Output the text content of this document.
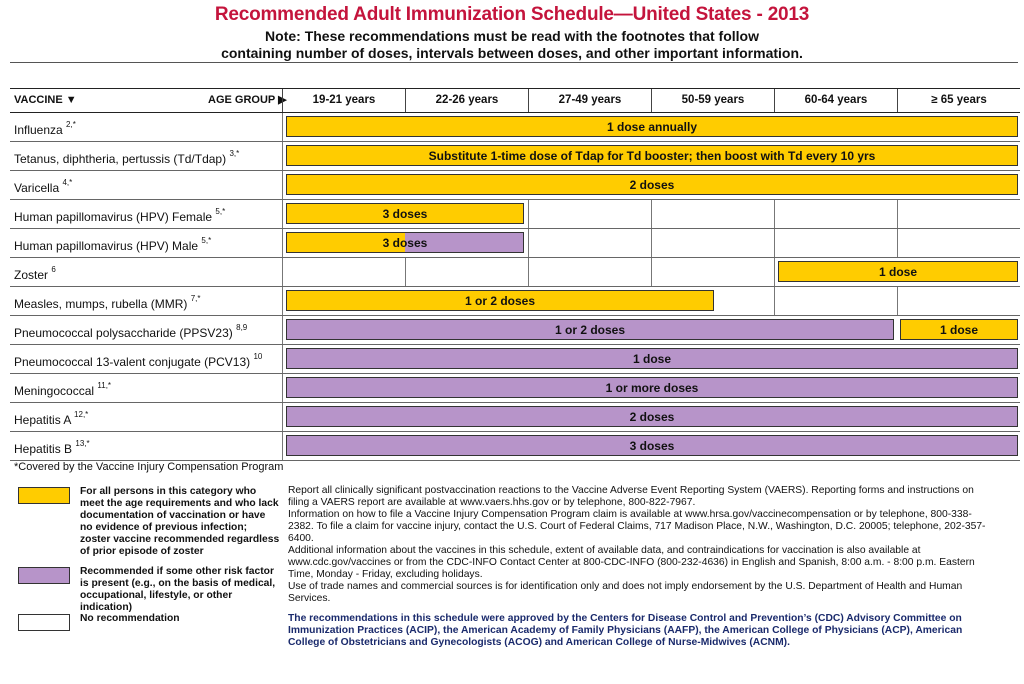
Recommended Adult Immunization Schedule—United States - 2013
Note: These recommendations must be read with the footnotes that follow
containing number of doses, intervals between doses, and other important information.
VACCINE ▼	AGE GROUP ▶	19-21 years	22-26 years	27-49 years	50-59 years	60-64 years	≥ 65 years
Influenza $^{2,*}$	1 dose annually
Tetanus, diphtheria, pertussis (Td/Tdap) $^{3,*}$	Substitute 1-time dose of Tdap for Td booster; then boost with Td every 10 yrs
Varicella $^{4,*}$	2 doses
Human papillomavirus (HPV) Female $^{5,*}$	3 doses
Human papillomavirus (HPV) Male $^{5,*}$	3 doses
Zoster $^6$	1 dose
Measles, mumps, rubella (MMR) $^{7,*}$	1 or 2 doses
Pneumococcal polysaccharide (PPSV23) $^{8,9}$	1 or 2 doses	1 dose
Pneumococcal 13-valent conjugate (PCV13) $^{10}$	1 dose
Meningococcal $^{11,*}$	1 or more doses
Hepatitis A $^{12,*}$	2 doses
Hepatitis B $^{13,*}$	3 doses
*Covered by the Vaccine Injury Compensation Program
For all persons in this category who meet the age requirements and who lack documentation of vaccination or have no evidence of previous infection; zoster vaccine recommended regardless of prior episode of zoster
Recommended if some other risk factor is present (e.g., on the basis of medical, occupational, lifestyle, or other indication)
No recommendation
Report all clinically significant postvaccination reactions to the Vaccine Adverse Event Reporting System (VAERS). Reporting forms and instructions on filing a VAERS report are available at www.vaers.hhs.gov or by telephone, 800-822-7967.
Information on how to file a Vaccine Injury Compensation Program claim is available at www.hrsa.gov/vaccinecompensation or by telephone, 800-338-2382. To file a claim for vaccine injury, contact the U.S. Court of Federal Claims, 717 Madison Place, N.W., Washington, D.C. 20005; telephone, 202-357-6400.
Additional information about the vaccines in this schedule, extent of available data, and contraindications for vaccination is also available at www.cdc.gov/vaccines or from the CDC-INFO Contact Center at 800-CDC-INFO (800-232-4636) in English and Spanish, 8:00 a.m. - 8:00 p.m. Eastern Time, Monday - Friday, excluding holidays.
Use of trade names and commercial sources is for identification only and does not imply endorsement by the U.S. Department of Health and Human Services.
The recommendations in this schedule were approved by the Centers for Disease Control and Prevention’s (CDC) Advisory Committee on Immunization Practices (ACIP), the American Academy of Family Physicians (AAFP), the American College of Physicians (ACP), American College of Obstetricians and Gynecologists (ACOG) and American College of Nurse-Midwives (ACNM).
